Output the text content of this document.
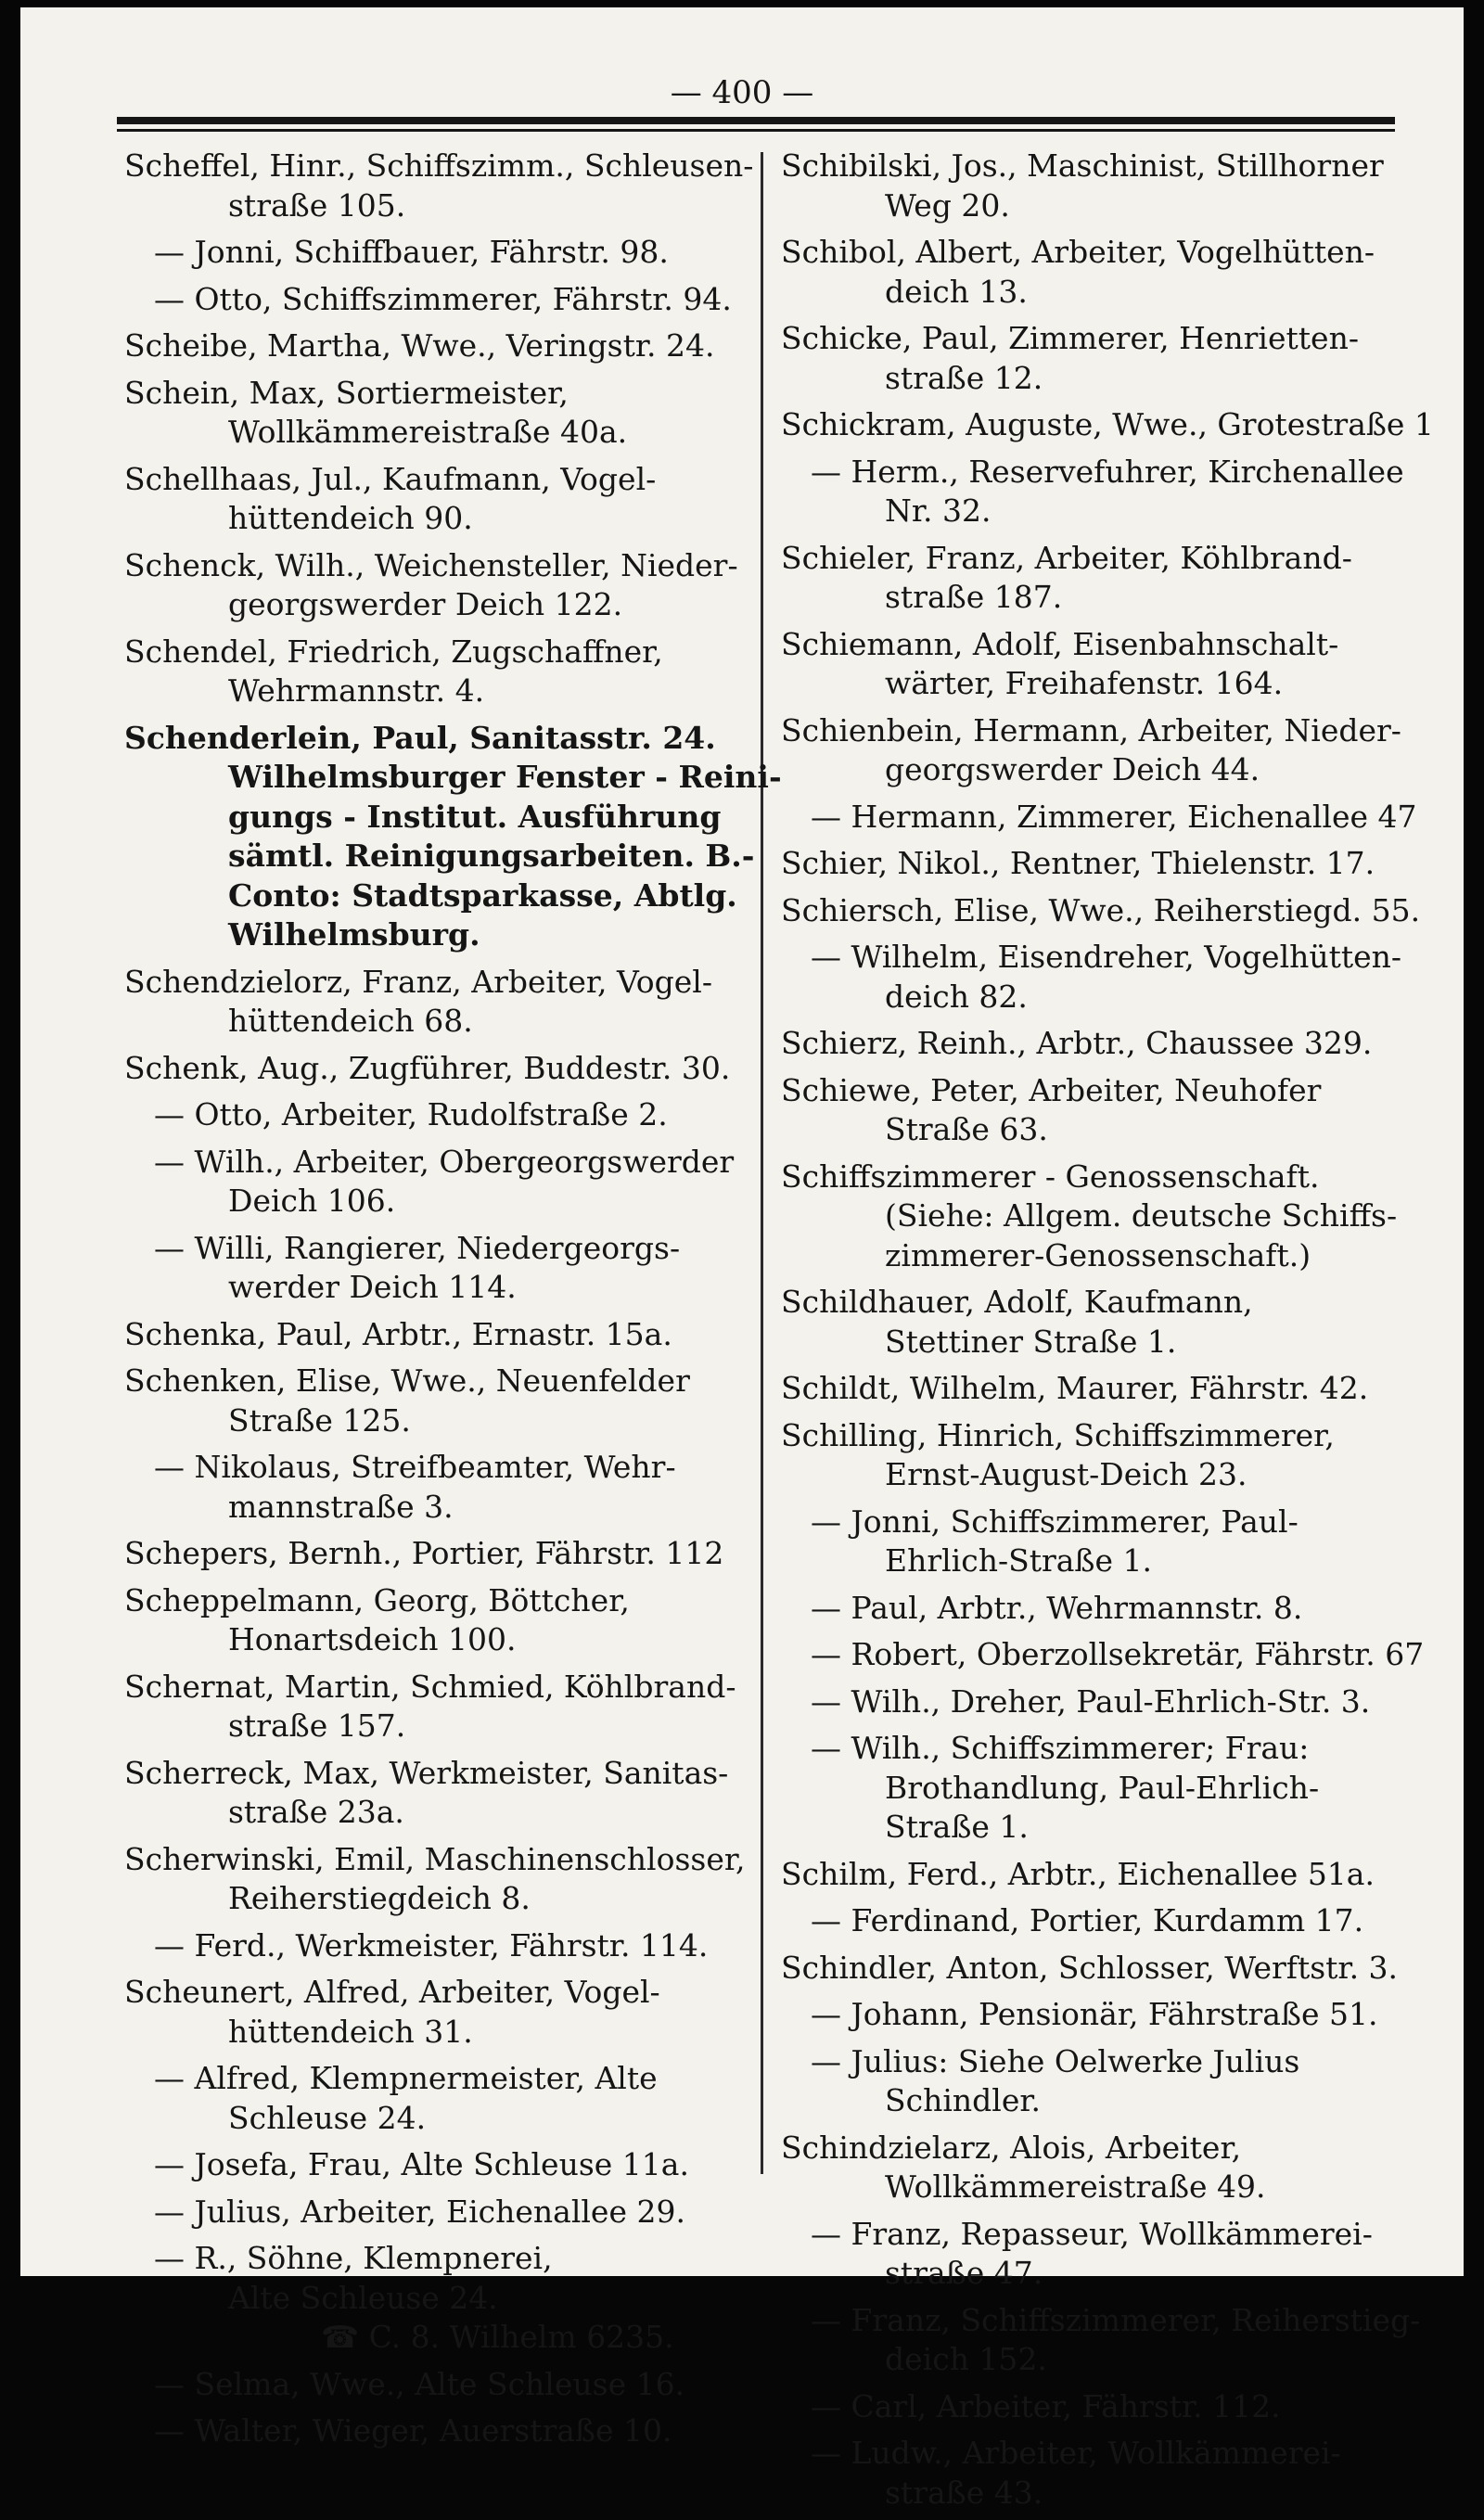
— 400 —
Scheffel, Hinr., Schiffszimm., Schleusen-
straße 105.
— Jonni, Schiffbauer, Fährstr. 98.
— Otto, Schiffszimmerer, Fährstr. 94.
Scheibe, Martha, Wwe., Veringstr. 24.
Schein, Max, Sortiermeister,
Wollkämmereistraße 40a.
Schellhaas, Jul., Kaufmann, Vogel-
hüttendeich 90.
Schenck, Wilh., Weichensteller, Nieder-
georgswerder Deich 122.
Schendel, Friedrich, Zugschaffner,
Wehrmannstr. 4.
Schenderlein, Paul, Sanitasstr. 24.
Wilhelmsburger Fenster - Reini-
gungs - Institut. Ausführung
sämtl. Reinigungsarbeiten. B.-
Conto: Stadtsparkasse, Abtlg.
Wilhelmsburg.
Schendzielorz, Franz, Arbeiter, Vogel-
hüttendeich 68.
Schenk, Aug., Zugführer, Buddestr. 30.
— Otto, Arbeiter, Rudolfstraße 2.
— Wilh., Arbeiter, Obergeorgswerder
Deich 106.
— Willi, Rangierer, Niedergeorgs-
werder Deich 114.
Schenka, Paul, Arbtr., Ernastr. 15a.
Schenken, Elise, Wwe., Neuenfelder
Straße 125.
— Nikolaus, Streifbeamter, Wehr-
mannstraße 3.
Schepers, Bernh., Portier, Fährstr. 112
Scheppelmann, Georg, Böttcher,
Honartsdeich 100.
Schernat, Martin, Schmied, Köhlbrand-
straße 157.
Scherreck, Max, Werkmeister, Sanitas-
straße 23a.
Scherwinski, Emil, Maschinenschlosser,
Reiherstiegdeich 8.
— Ferd., Werkmeister, Fährstr. 114.
Scheunert, Alfred, Arbeiter, Vogel-
hüttendeich 31.
— Alfred, Klempnermeister, Alte
Schleuse 24.
— Josefa, Frau, Alte Schleuse 11a.
— Julius, Arbeiter, Eichenallee 29.
— R., Söhne, Klempnerei,
Alte Schleuse 24.
☎ C. 8. Wilhelm 6235.
— Selma, Wwe., Alte Schleuse 16.
— Walter, Wieger, Auerstraße 10.
Schibilski, Jos., Maschinist, Stillhorner
Weg 20.
Schibol, Albert, Arbeiter, Vogelhütten-
deich 13.
Schicke, Paul, Zimmerer, Henrietten-
straße 12.
Schickram, Auguste, Wwe., Grotestraße 1
— Herm., Reservefuhrer, Kirchenallee
Nr. 32.
Schieler, Franz, Arbeiter, Köhlbrand-
straße 187.
Schiemann, Adolf, Eisenbahnschalt-
wärter, Freihafenstr. 164.
Schienbein, Hermann, Arbeiter, Nieder-
georgswerder Deich 44.
— Hermann, Zimmerer, Eichenallee 47
Schier, Nikol., Rentner, Thielenstr. 17.
Schiersch, Elise, Wwe., Reiherstiegd. 55.
— Wilhelm, Eisendreher, Vogelhütten-
deich 82.
Schierz, Reinh., Arbtr., Chaussee 329.
Schiewe, Peter, Arbeiter, Neuhofer
Straße 63.
Schiffszimmerer - Genossenschaft.
(Siehe: Allgem. deutsche Schiffs-
zimmerer-Genossenschaft.)
Schildhauer, Adolf, Kaufmann,
Stettiner Straße 1.
Schildt, Wilhelm, Maurer, Fährstr. 42.
Schilling, Hinrich, Schiffszimmerer,
Ernst-August-Deich 23.
— Jonni, Schiffszimmerer, Paul-
Ehrlich-Straße 1.
— Paul, Arbtr., Wehrmannstr. 8.
— Robert, Oberzollsekretär, Fährstr. 67
— Wilh., Dreher, Paul-Ehrlich-Str. 3.
— Wilh., Schiffszimmerer; Frau:
Brothandlung, Paul-Ehrlich-
Straße 1.
Schilm, Ferd., Arbtr., Eichenallee 51a.
— Ferdinand, Portier, Kurdamm 17.
Schindler, Anton, Schlosser, Werftstr. 3.
— Johann, Pensionär, Fährstraße 51.
— Julius: Siehe Oelwerke Julius
Schindler.
Schindzielarz, Alois, Arbeiter,
Wollkämmereistraße 49.
— Franz, Repasseur, Wollkämmerei-
straße 47.
— Franz, Schiffszimmerer, Reiherstieg-
deich 152.
— Carl, Arbeiter, Fährstr. 112.
— Ludw., Arbeiter, Wollkämmerei-
straße 43.
